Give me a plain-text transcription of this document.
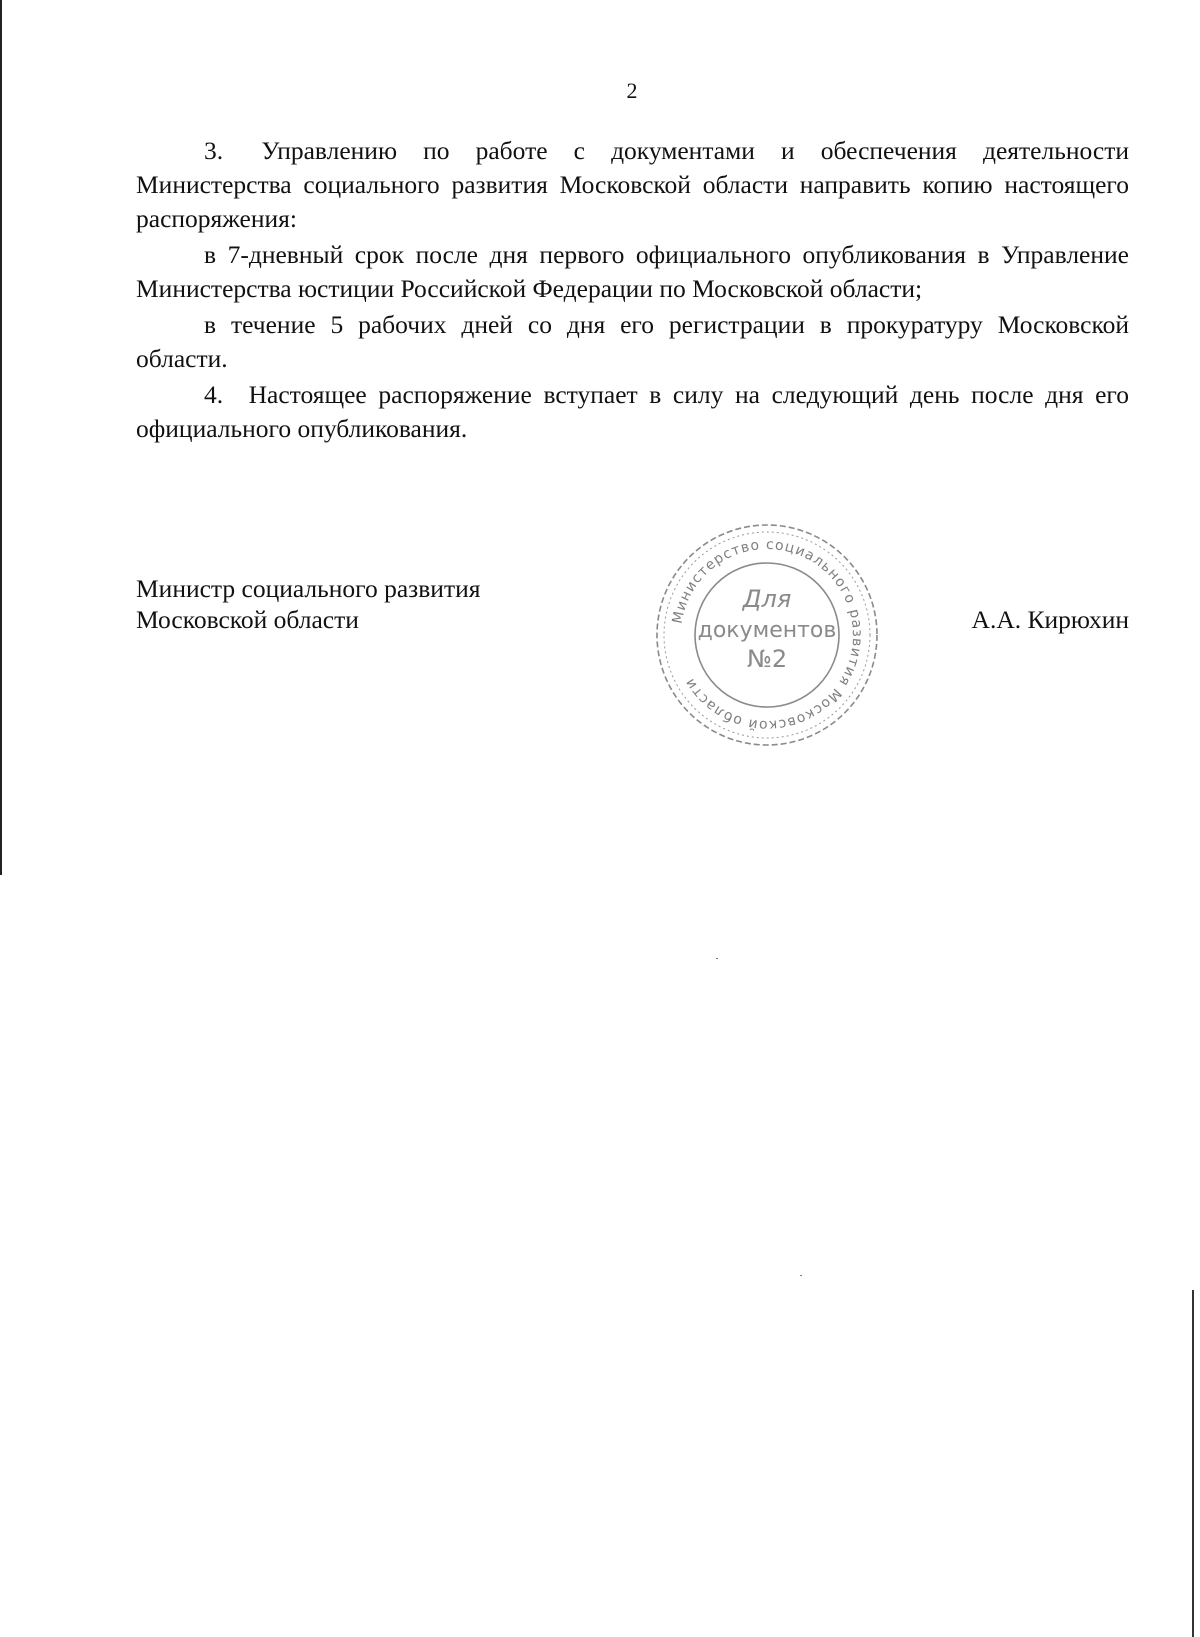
2

3.  Управлению по работе с документами и обеспечения деятельности Министерства социального развития Московской области направить копию настоящего распоряжения:

в 7-дневный срок после дня первого официального опубликования в Управление Министерства юстиции Российской Федерации по Московской области;

в течение 5 рабочих дней со дня его регистрации в прокуратуру Московской области.

4. Настоящее распоряжение вступает в силу на следующий день после дня его официального опубликования.

Министр социального развития
Московской области	А.А. Кирюхин
Министерство социального развития Московской области
Для
документов
№2
